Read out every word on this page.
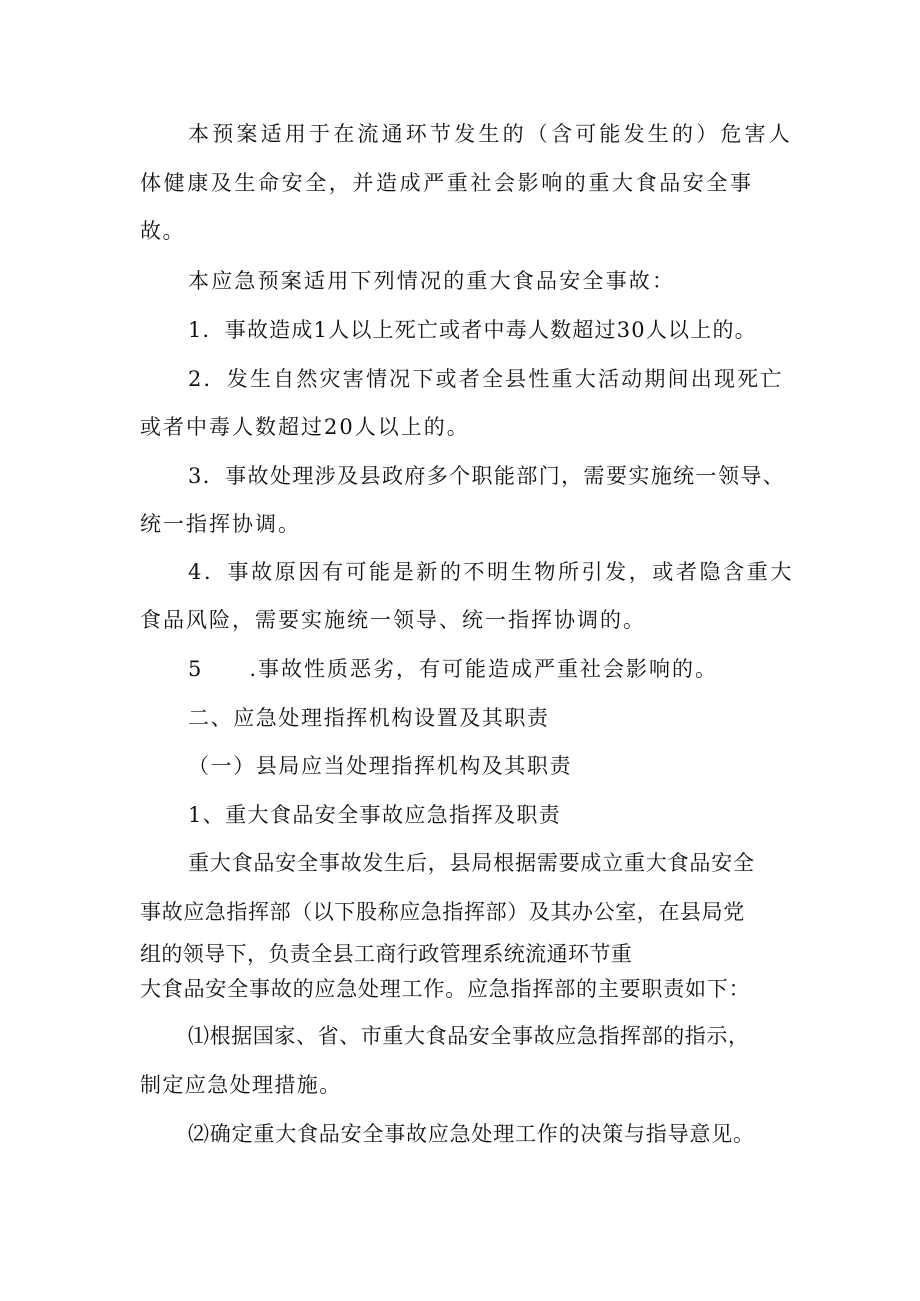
本预案适用于在流通环节发生的（含可能发生的）危害人
体健康及生命安全，并造成严重社会影响的重大食品安全事
故。
本应急预案适用下列情况的重大食品安全事故：
1．事故造成1人以上死亡或者中毒人数超过30人以上的。
2．发生自然灾害情况下或者全县性重大活动期间出现死亡
或者中毒人数超过20人以上的。
3．事故处理涉及县政府多个职能部门，需要实施统一领导、
统一指挥协调。
4．事故原因有可能是新的不明生物所引发，或者隐含重大
食品风险，需要实施统一领导、统一指挥协调的。
5　　.事故性质恶劣，有可能造成严重社会影响的。
二、应急处理指挥机构设置及其职责
（一）县局应当处理指挥机构及其职责
1、重大食品安全事故应急指挥及职责
重大食品安全事故发生后，县局根据需要成立重大食品安全
事故应急指挥部（以下股称应急指挥部）及其办公室，在县局党
组的领导下，负责全县工商行政管理系统流通环节重
大食品安全事故的应急处理工作。应急指挥部的主要职责如下：
⑴根据国家、省、市重大食品安全事故应急指挥部的指示，
制定应急处理措施。
⑵确定重大食品安全事故应急处理工作的决策与指导意见。
